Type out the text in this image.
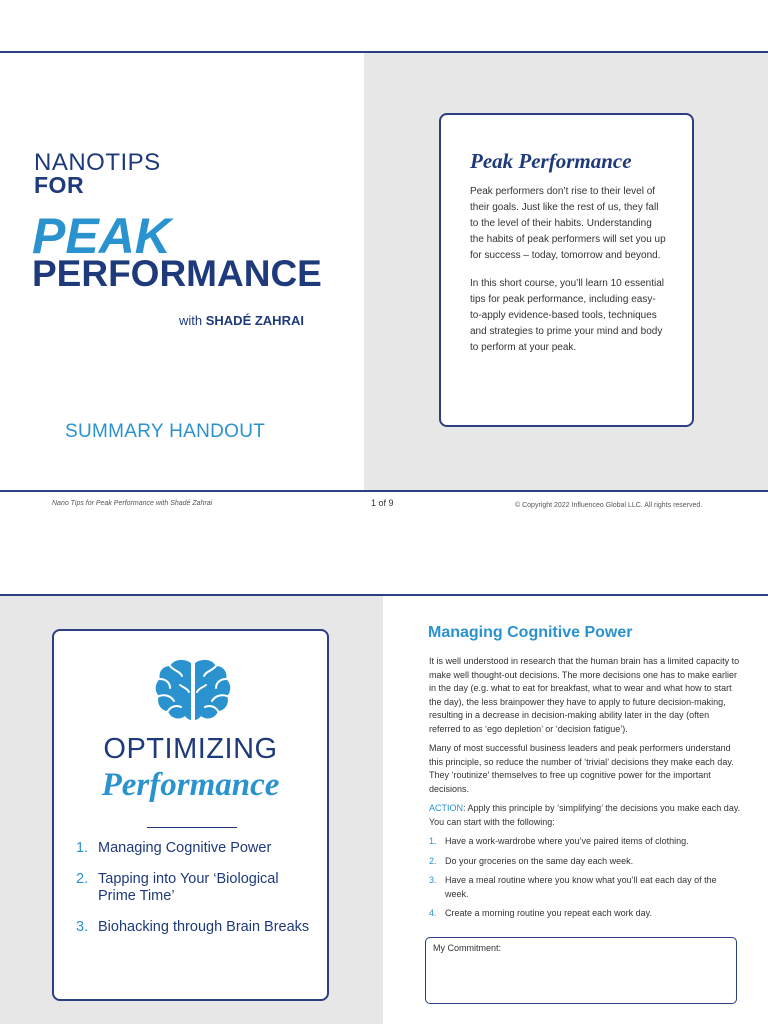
NANOTIPS
FOR
PEAK
PERFORMANCE
with SHADÉ ZAHRAI
SUMMARY HANDOUT
Peak Performance

Peak performers don’t rise to their level of their goals. Just like the rest of us, they fall to the level of their habits. Understanding the habits of peak performers will set you up for success – today, tomorrow and beyond.

In this short course, you’ll learn 10 essential tips for peak performance, including easy-to-apply evidence-based tools, techniques and strategies to prime your mind and body to perform at your peak.

Nano Tips for Peak Performance with Shadé Zahrai	1 of 9	© Copyright 2022 Influenceo Global LLC. All rights reserved.
OPTIMIZING
Performance
1. Managing Cognitive Power
2. Tapping into Your ‘Biological Prime Time’
3. Biohacking through Brain Breaks
Managing Cognitive Power

It is well understood in research that the human brain has a limited capacity to make well thought-out decisions. The more decisions one has to make earlier in the day (e.g. what to eat for breakfast, what to wear and what how to start the day), the less brainpower they have to apply to future decision-making, resulting in a decrease in decision-making ability later in the day (often referred to as ‘ego depletion’ or ‘decision fatigue’).

Many of most successful business leaders and peak performers understand this principle, so reduce the number of ‘trivial’ decisions they make each day. They ‘routinize’ themselves to free up cognitive power for the important decisions.

ACTION: Apply this principle by ‘simplifying’ the decisions you make each day. You can start with the following:

1. Have a work-wardrobe where you’ve paired items of clothing.
2. Do your groceries on the same day each week.
3. Have a meal routine where you know what you’ll eat each day of the week.
4. Create a morning routine you repeat each work day.
My Commitment:
